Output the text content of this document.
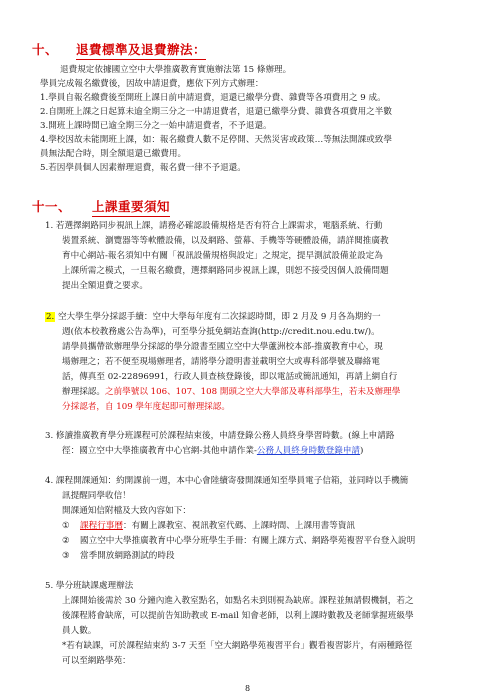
十、 退費標準及退費辦法：
退費規定依據國立空中大學推廣教育實施辦法第 15 條辦理。
學員完成報名繳費後，因故申請退費，應依下列方式辦理：
1.學員自報名繳費後至開班上課日前申請退費，退還已繳學分費、雜費等各項費用之 9 成。
2.自開班上課之日起算未逾全期三分之一申請退費者，退還已繳學分費、雜費各項費用之半數
3.開班上課時間已逾全期三分之一始申請退費者，不予退還。
4.學校因故未能開班上課，如：報名繳費人數不足停開、天然災害或政策…等無法開課或致學
員無法配合時，則全額退還已繳費用。
5.若因學員個人因素辦理退費，報名費一律不予退還。
十一、 上課重要須知
1. 若選擇網路同步視訊上課，請務必確認設備規格是否有符合上課需求，電腦系統、行動
裝置系統、瀏覽器等等軟體設備，以及網路、螢幕、手機等等硬體設備，請詳閱推廣教
育中心網站-報名須知中有關「視訊設備規格與設定」之規定，提早測試設備並設定為
上課所需之模式，一旦報名繳費，選擇網路同步視訊上課，則恕不接受因個人設備問題
提出全額退費之要求。
2. 空大學生學分採認手續：空中大學每年度有二次採認時間，即 2 月及 9 月各為期約一
週(依本校教務處公告為準)，可至學分抵免網站查詢(http://credit.nou.edu.tw/)。
請學員攜帶欲辦理學分採認的學分證書至國立空中大學蘆洲校本部-推廣教育中心，現
場辦理之；若不便至現場辦理者，請將學分證明書並載明空大或專科部學號及聯絡電
話，傳真至 02-22896991，行政人員查核登錄後，即以電話或簡訊通知，再請上網自行
辦理採認。之前學號以 106、107、108 開頭之空大大學部及專科部學生，若未及辦理學
分採認者，自 109 學年度起即可辦理採認。
3. 修讀推廣教育學分班課程可於課程結束後，申請登錄公務人員終身學習時數。(線上申請路
徑：國立空中大學推廣教育中心官網-其他申請作業-公務人員終身時數登錄申請)
4. 課程開課通知：約開課前一週，本中心會陸續寄發開課通知至學員電子信箱，並同時以手機簡
訊提醒同學收信！
開課通知信附檔及大致內容如下：
① 課程行事曆：有關上課教室、視訊教室代碼、上課時間、上課用書等資訊
② 國立空中大學推廣教育中心學分班學生手冊：有關上課方式、網路學苑複習平台登入說明
③ 當季開放網路測試的時段
5. 學分班缺課處理辦法
上課開始後需於 30 分鐘內進入教室點名，如點名未到則視為缺席。課程並無請假機制，若之
後課程將會缺席，可以提前告知助教或 E-mail 知會老師，以利上課時數教及老師掌握班級學
員人數。
*若有缺課，可於課程結束約 3-7 天至「空大網路學苑複習平台」觀看複習影片，有兩種路徑
可以至網路學苑：
8
